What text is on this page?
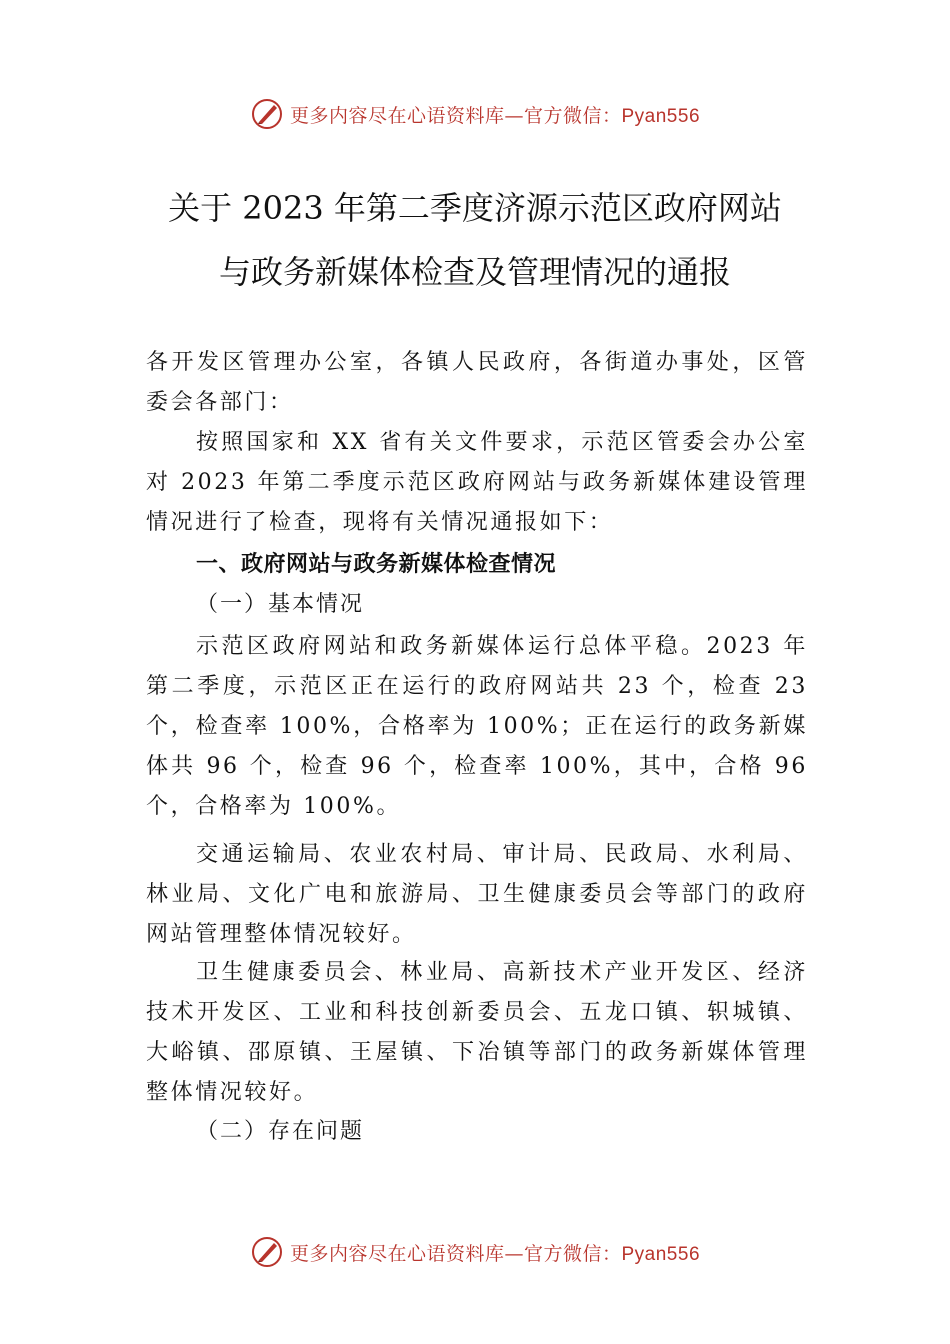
更多内容尽在心语资料库—官方微信：Pyan556
关于 2023 年第二季度济源示范区政府网站
与政务新媒体检查及管理情况的通报

各开发区管理办公室，各镇人民政府，各街道办事处，区管委会各部门：

按照国家和 XX 省有关文件要求，示范区管委会办公室对 2023 年第二季度示范区政府网站与政务新媒体建设管理情况进行了检查，现将有关情况通报如下：

一、政府网站与政务新媒体检查情况

（一）基本情况

示范区政府网站和政务新媒体运行总体平稳。2023 年第二季度，示范区正在运行的政府网站共 23 个，检查 23 个，检查率 100%，合格率为 100%；正在运行的政务新媒体共 96 个，检查 96 个，检查率 100%，其中，合格 96 个，合格率为 100%。

交通运输局、农业农村局、审计局、民政局、水利局、林业局、文化广电和旅游局、卫生健康委员会等部门的政府网站管理整体情况较好。

卫生健康委员会、林业局、高新技术产业开发区、经济技术开发区、工业和科技创新委员会、五龙口镇、轵城镇、 大峪镇、邵原镇、王屋镇、下冶镇等部门的政务新媒体管理整体情况较好。

（二）存在问题

更多内容尽在心语资料库—官方微信：Pyan556
